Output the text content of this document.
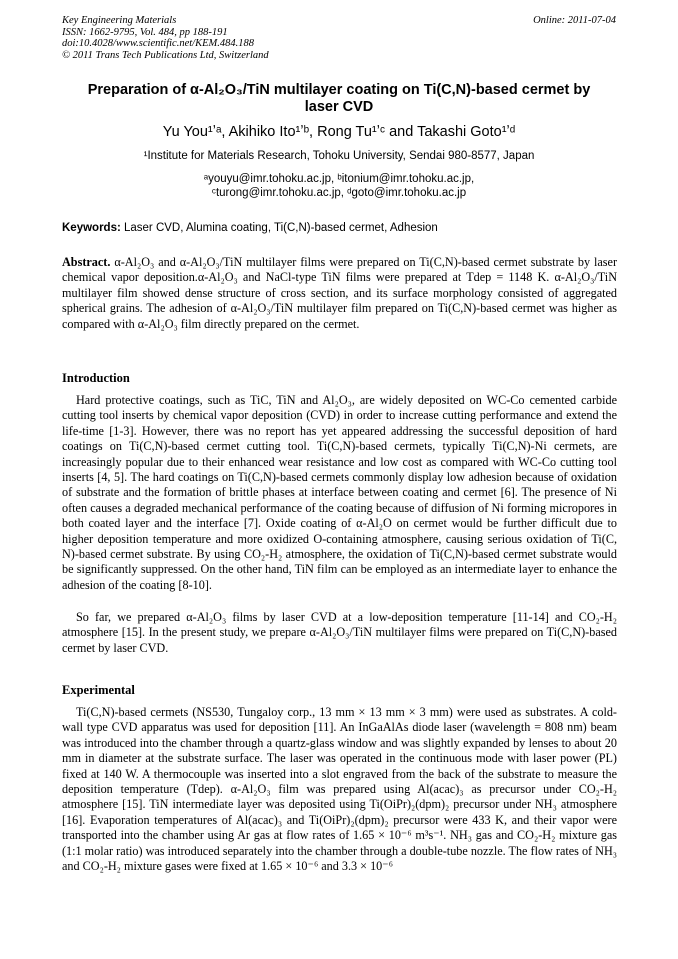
Key Engineering Materials
ISSN: 1662-9795, Vol. 484, pp 188-191
doi:10.4028/www.scientific.net/KEM.484.188
© 2011 Trans Tech Publications Ltd, Switzerland
Online: 2011-07-04
Preparation of α-Al₂O₃/TiN multilayer coating on Ti(C,N)-based cermet by
laser CVD
Yu You¹ʼᵃ, Akihiko Ito¹ʼᵇ, Rong Tu¹ʼᶜ and Takashi Goto¹ʼᵈ
¹Institute for Materials Research, Tohoku University, Sendai 980-8577, Japan
ᵃyouyu@imr.tohoku.ac.jp, ᵇitonium@imr.tohoku.ac.jp,
ᶜturong@imr.tohoku.ac.jp, ᵈgoto@imr.tohoku.ac.jp
Keywords: Laser CVD, Alumina coating, Ti(C,N)-based cermet, Adhesion
Abstract. α-Al₂O₃ and α-Al₂O₃/TiN multilayer films were prepared on Ti(C,N)-based cermet substrate by laser chemical vapor deposition.α-Al₂O₃ and NaCl-type TiN films were prepared at Tdep = 1148 K. α-Al₂O₃/TiN multilayer film showed dense structure of cross section, and its surface morphology consisted of aggregated spherical grains. The adhesion of α-Al₂O₃/TiN multilayer film prepared on Ti(C,N)-based cermet was higher as compared with α-Al₂O₃ film directly prepared on the cermet.
Introduction
Hard protective coatings, such as TiC, TiN and Al₂O₃, are widely deposited on WC-Co cemented carbide cutting tool inserts by chemical vapor deposition (CVD) in order to increase cutting performance and extend the life-time [1-3]. However, there was no report has yet appeared addressing the successful deposition of hard coatings on Ti(C,N)-based cermet cutting tool. Ti(C,N)-based cermets, typically Ti(C,N)-Ni cermets, are increasingly popular due to their enhanced wear resistance and low cost as compared with WC-Co cutting tool inserts [4, 5]. The hard coatings on Ti(C,N)-based cermets commonly display low adhesion because of oxidation of substrate and the formation of brittle phases at interface between coating and cermet [6]. The presence of Ni often causes a degraded mechanical performance of the coating because of diffusion of Ni forming micropores in both coated layer and the interface [7]. Oxide coating of α-Al₂O on cermet would be further difficult due to higher deposition temperature and more oxidized O-containing atmosphere, causing serious oxidation of Ti(C, N)-based cermet substrate. By using CO₂-H₂ atmosphere, the oxidation of Ti(C,N)-based cermet substrate would be significantly suppressed. On the other hand, TiN film can be employed as an intermediate layer to enhance the adhesion of the coating [8-10].
So far, we prepared α-Al₂O₃ films by laser CVD at a low-deposition temperature [11-14] and CO₂-H₂ atmosphere [15]. In the present study, we prepare α-Al₂O₃/TiN multilayer films were prepared on Ti(C,N)-based cermet by laser CVD.
Experimental
Ti(C,N)-based cermets (NS530, Tungaloy corp., 13 mm × 13 mm × 3 mm) were used as substrates. A cold-wall type CVD apparatus was used for deposition [11]. An InGaAlAs diode laser (wavelength = 808 nm) beam was introduced into the chamber through a quartz-glass window and was slightly expanded by lenses to about 20 mm in diameter at the substrate surface. The laser was operated in the continuous mode with laser power (PL) fixed at 140 W. A thermocouple was inserted into a slot engraved from the back of the substrate to measure the deposition temperature (Tdep). α-Al₂O₃ film was prepared using Al(acac)₃ as precursor under CO₂-H₂ atmosphere [15]. TiN intermediate layer was deposited using Ti(OiPr)₂(dpm)₂ precursor under NH₃ atmosphere [16]. Evaporation temperatures of Al(acac)₃ and Ti(OiPr)₂(dpm)₂ precursor were 433 K, and their vapor were transported into the chamber using Ar gas at flow rates of 1.65 × 10⁻⁶ m³s⁻¹. NH₃ gas and CO₂-H₂ mixture gas (1:1 molar ratio) was introduced separately into the chamber through a double-tube nozzle. The flow rates of NH₃ and CO₂-H₂ mixture gases were fixed at 1.65 × 10⁻⁶ and 3.3 × 10⁻⁶
